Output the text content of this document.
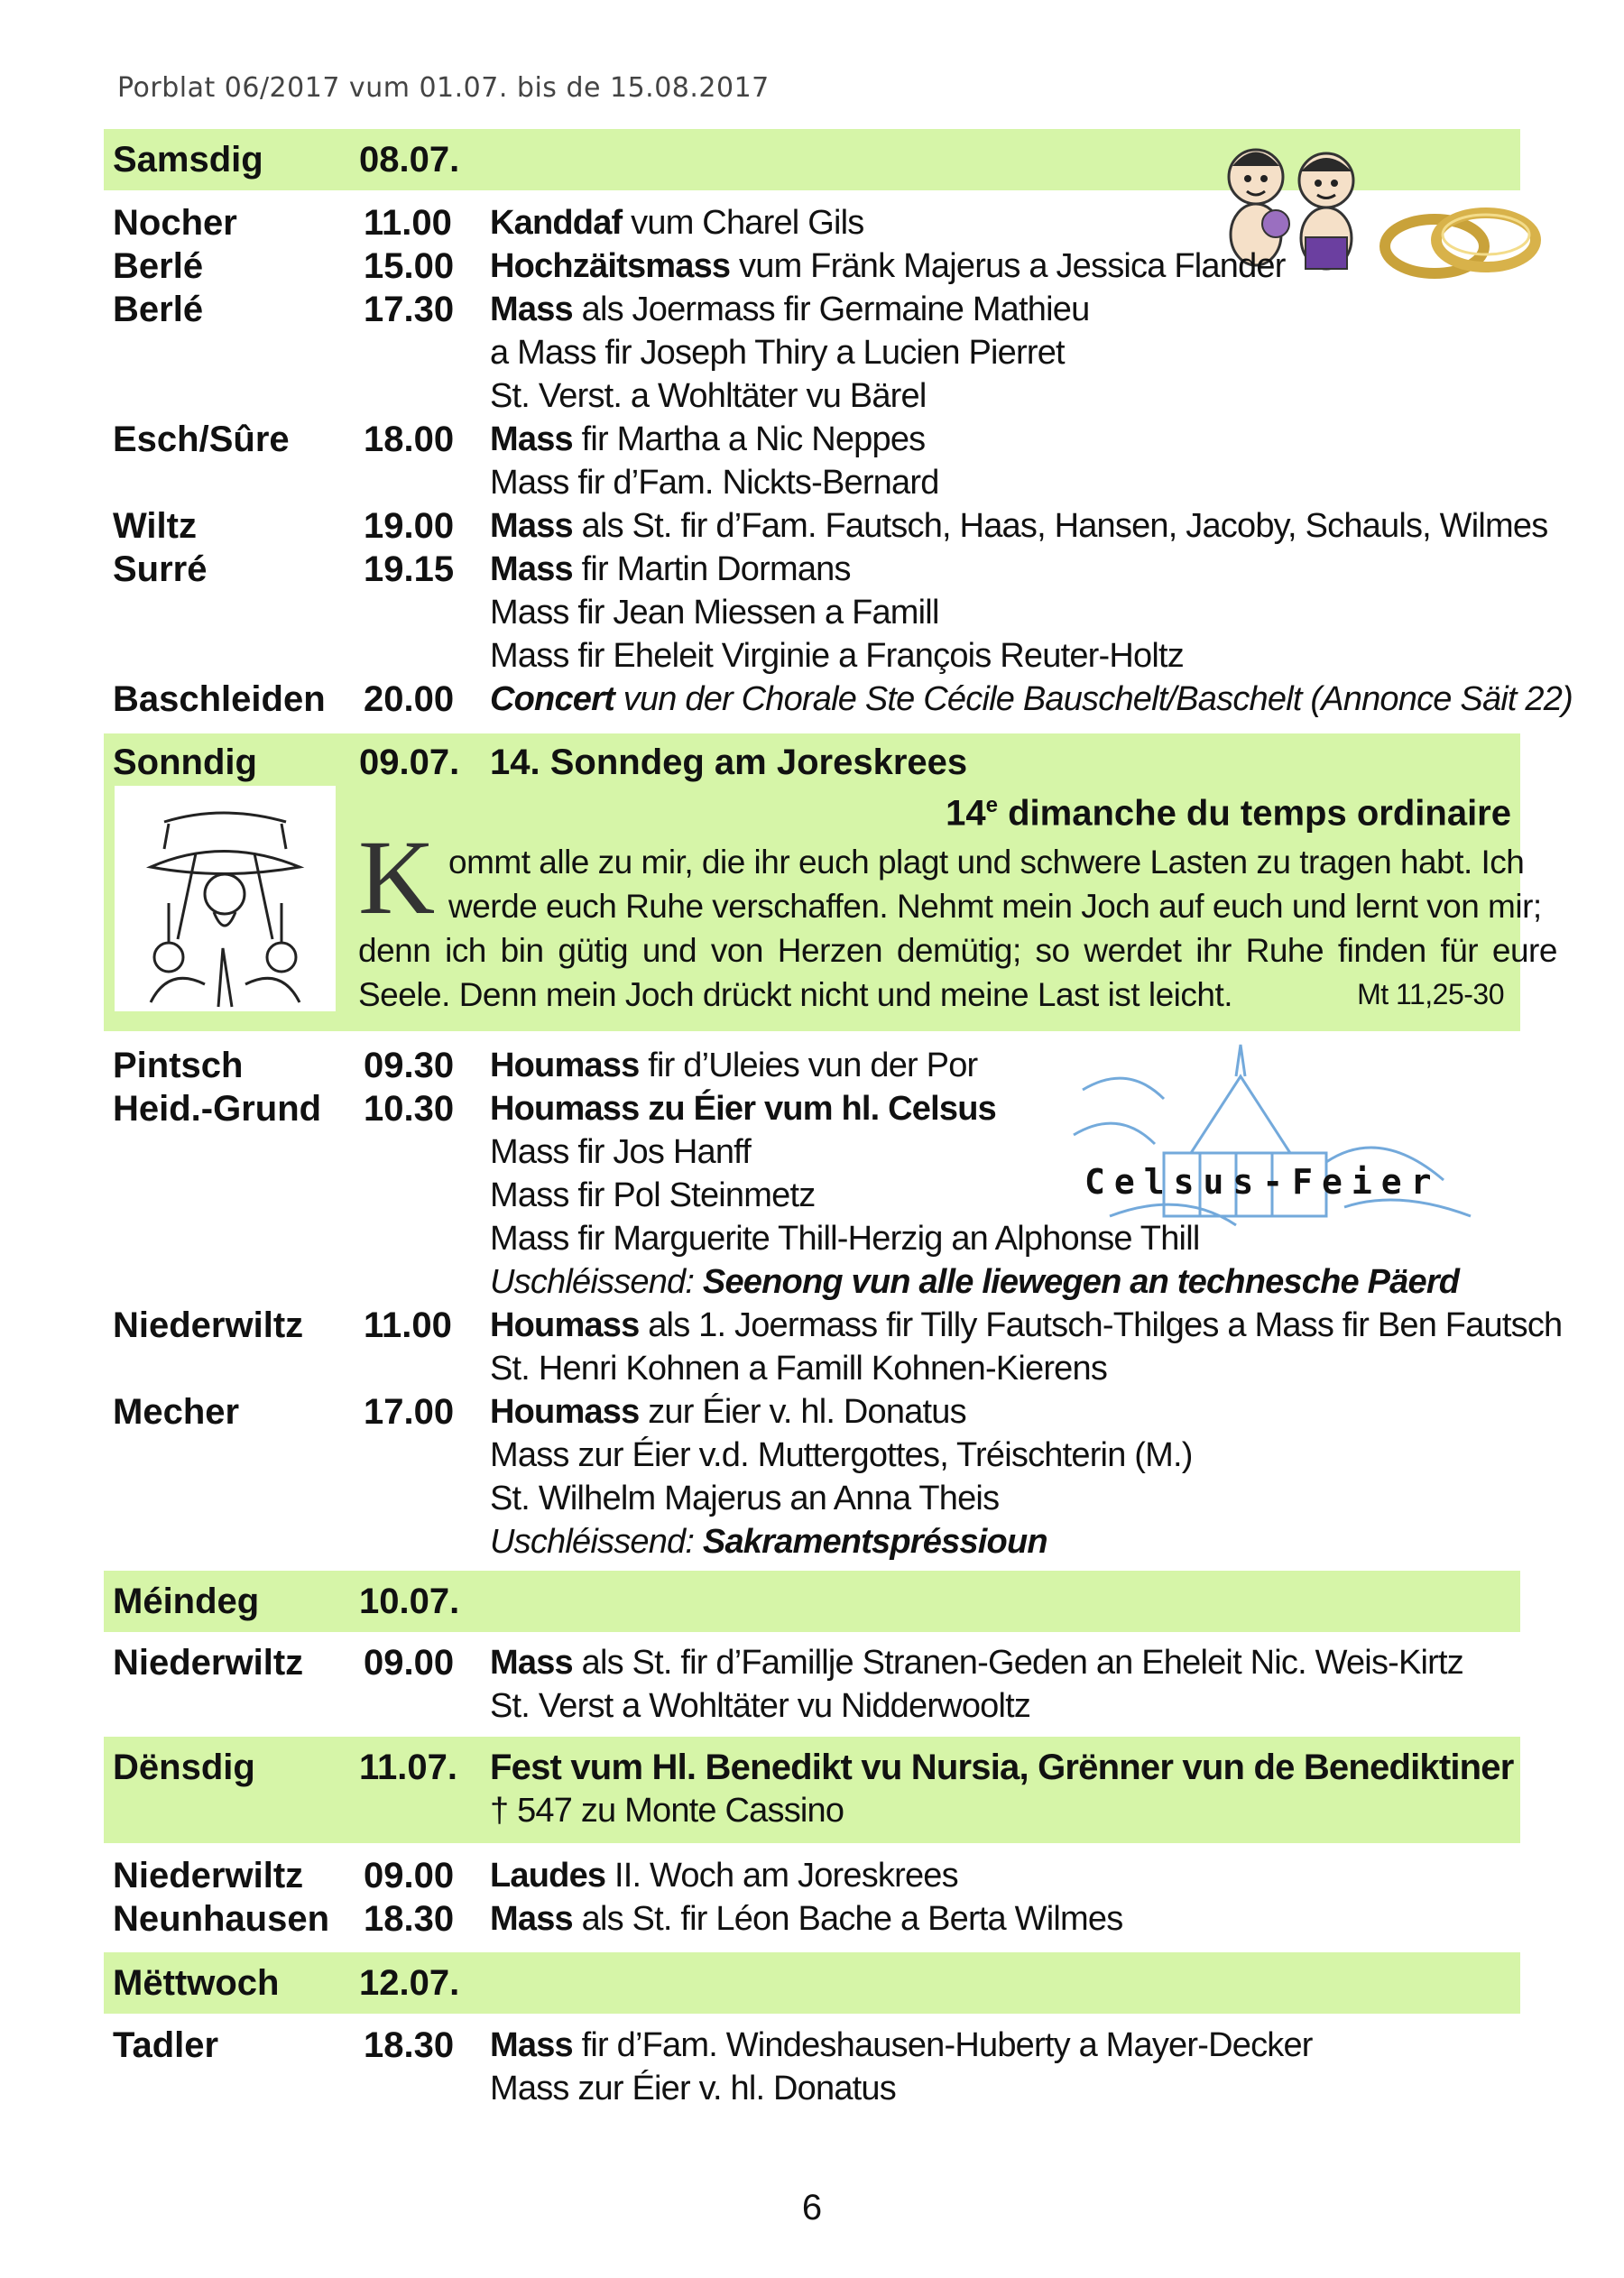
Porblat 06/2017 vum 01.07. bis de 15.08.2017
Samsdig	08.07.
Nocher	11.00 Kanddaf vum Charel Gils
Berlé	15.00 Hochzäitsmass vum Fränk Majerus a Jessica Flander
Berlé	17.30 Mass als Joermass fir Germaine Mathieu
a Mass fir Joseph Thiry a Lucien Pierret
St. Verst. a Wohltäter vu Bärel
Esch/Sûre 18.00 Mass fir Martha a Nic Neppes
Mass fir d’Fam. Nickts-Bernard
Wiltz	19.00 Mass als St. fir d’Fam. Fautsch, Haas, Hansen, Jacoby, Schauls, Wilmes
Surré	19.15 Mass fir Martin Dormans
Mass fir Jean Miessen a Famill
Mass fir Eheleit Virginie a François Reuter-Holtz
Baschleiden 20.00 Concert vun der Chorale Ste Cécile Bauschelt/Baschelt (Annonce Säit 22)
Sonndig	09.07. 14. Sonndeg am Joreskrees
14e dimanche du temps ordinaire
K ommt alle zu mir, die ihr euch plagt und schwere Lasten zu tragen habt. Ich
werde euch Ruhe verschaffen. Nehmt mein Joch auf euch und lernt von mir;
denn ich bin gütig und von Herzen demütig; so werdet ihr Ruhe finden für eure
Seele. Denn mein Joch drückt nicht und meine Last ist leicht.	Mt 11,25-30
Celsus-Feier
Pintsch	09.30 Houmass fir d’Uleies vun der Por
Heid.-Grund 10.30 Houmass zu Éier vum hl. Celsus
Mass fir Jos Hanff
Mass fir Pol Steinmetz
Mass fir Marguerite Thill-Herzig an Alphonse Thill
Uschléissend: Seenong vun alle liewegen an technesche Päerd
Niederwiltz 11.00 Houmass als 1. Joermass fir Tilly Fautsch-Thilges a Mass fir Ben Fautsch
St. Henri Kohnen a Famill Kohnen-Kierens
Mecher	17.00 Houmass zur Éier v. hl. Donatus
Mass zur Éier v.d. Muttergottes, Tréischterin (M.)
St. Wilhelm Majerus an Anna Theis
Uschléissend: Sakramentspréssioun
Méindeg	10.07.
Niederwiltz 09.00 Mass als St. fir d’Famillje Stranen-Geden an Eheleit Nic. Weis-Kirtz
St. Verst a Wohltäter vu Nidderwooltz
Dënsdig	11.07. Fest vum Hl. Benedikt vu Nursia, Grënner vun de Benediktiner
† 547 zu Monte Cassino
Niederwiltz 09.00 Laudes II. Woch am Joreskrees
Neunhausen 18.30 Mass als St. fir Léon Bache a Berta Wilmes
Mëttwoch 12.07.
Tadler	18.30 Mass fir d’Fam. Windeshausen-Huberty a Mayer-Decker
Mass zur Éier v. hl. Donatus
6
